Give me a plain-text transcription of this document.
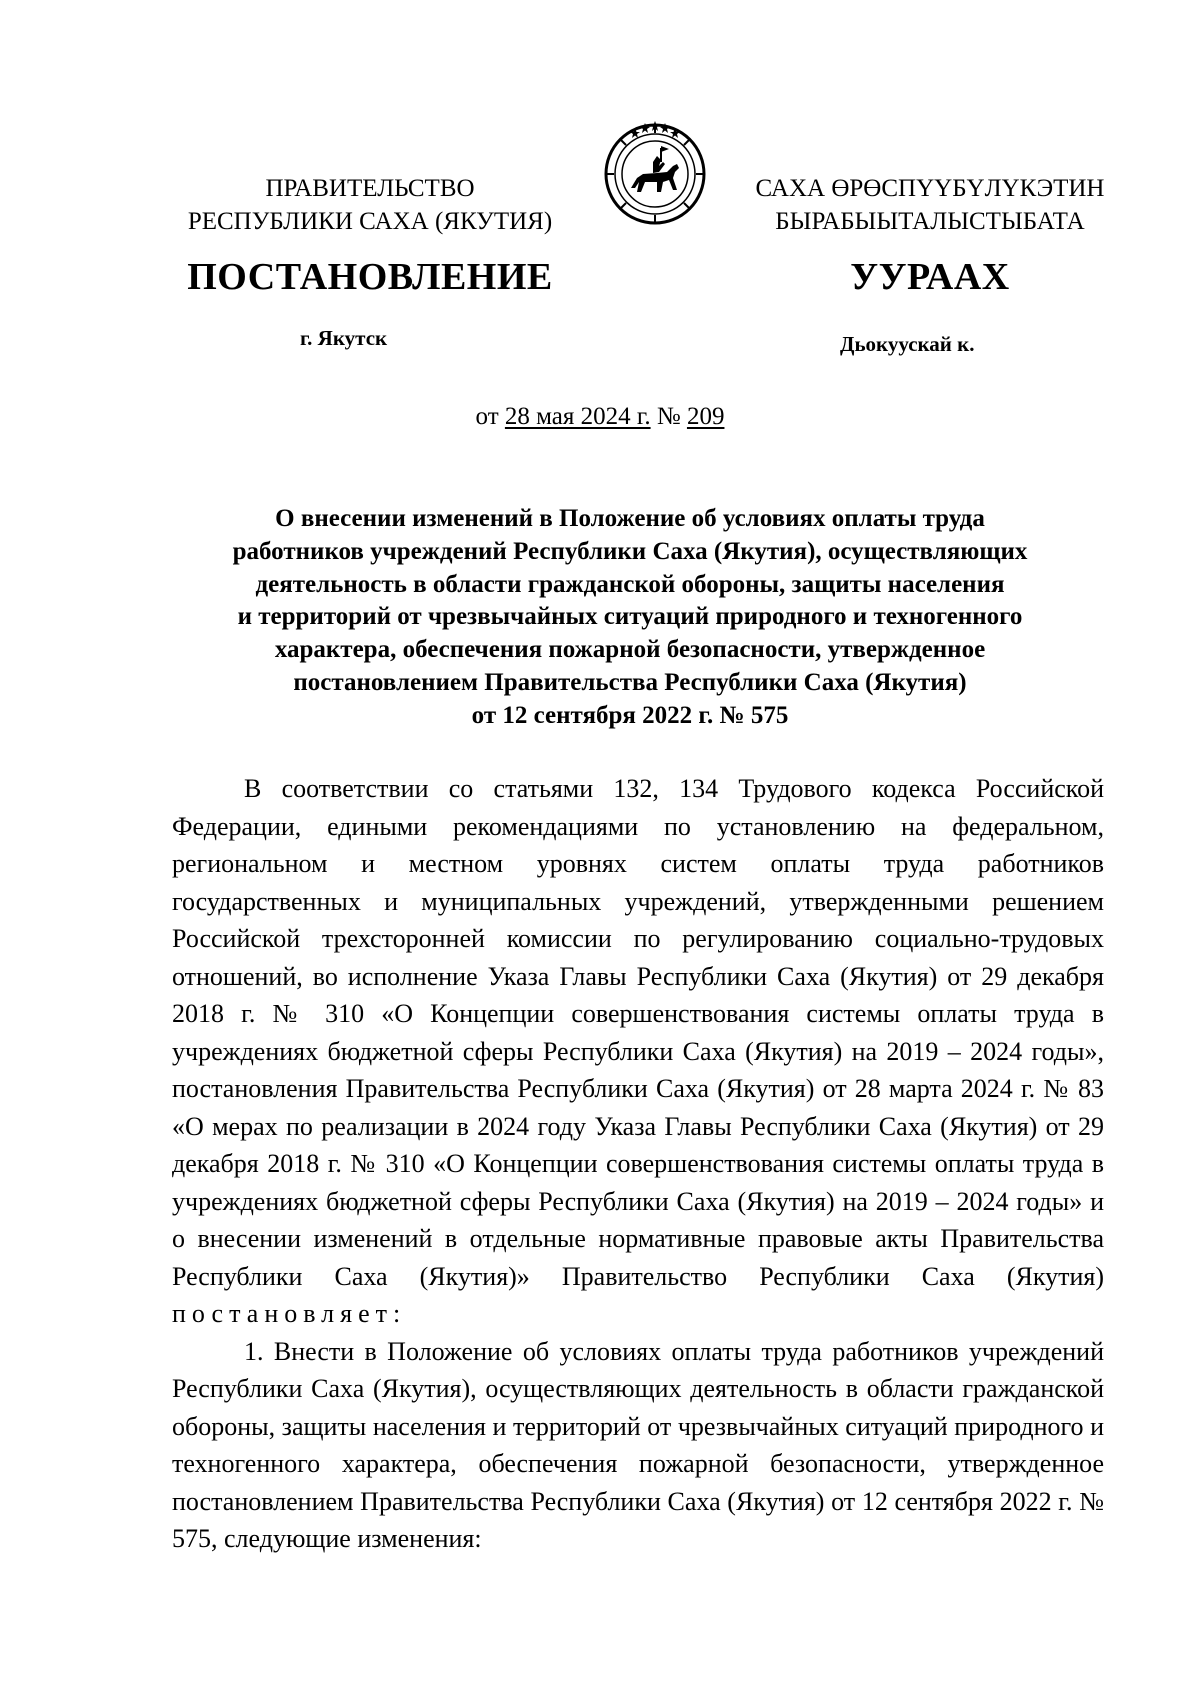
ПРАВИТЕЛЬСТВО
РЕСПУБЛИКИ САХА (ЯКУТИЯ)
САХА ӨРӨСПҮҮБҮЛҮКЭТИН
БЫРАБЫЫТАЛЫСТЫБАТА
ПОСТАНОВЛЕНИЕ	УУРААХ
г. Якутск	Дьокуускай к.
от 28 мая 2024 г. № 209
О внесении изменений в Положение об условиях оплаты труда
работников учреждений Республики Саха (Якутия), осуществляющих
деятельность в области гражданской обороны, защиты населения
и территорий от чрезвычайных ситуаций природного и техногенного
характера, обеспечения пожарной безопасности, утвержденное
постановлением Правительства Республики Саха (Якутия)
от 12 сентября 2022 г. № 575

В соответствии со статьями 132, 134 Трудового кодекса Российской Федерации, едиными рекомендациями по установлению на федеральном, региональном и местном уровнях систем оплаты труда работников государственных и муниципальных учреждений, утвержденными решением Российской трехсторонней комиссии по регулированию социально-трудовых отношений, во исполнение Указа Главы Республики Саха (Якутия) от 29 декабря 2018 г. № 310 «О Концепции совершенствования системы оплаты труда в учреждениях бюджетной сферы Республики Саха (Якутия) на 2019 – 2024 годы», постановления Правительства Республики Саха (Якутия) от 28 марта 2024 г. № 83 «О мерах по реализации в 2024 году Указа Главы Республики Саха (Якутия) от 29 декабря 2018 г. № 310 «О Концепции совершенствования системы оплаты труда в учреждениях бюджетной сферы Республики Саха (Якутия) на 2019 – 2024 годы» и о внесении изменений в отдельные нормативные правовые акты Правительства Республики Саха (Якутия)» Правительство Республики Саха (Якутия) постановляет:

1. Внести в Положение об условиях оплаты труда работников учреждений Республики Саха (Якутия), осуществляющих деятельность в области гражданской обороны, защиты населения и территорий от чрезвычайных ситуаций природного и техногенного характера, обеспечения пожарной безопасности, утвержденное постановлением Правительства Республики Саха (Якутия) от 12 сентября 2022 г. № 575, следующие изменения:
